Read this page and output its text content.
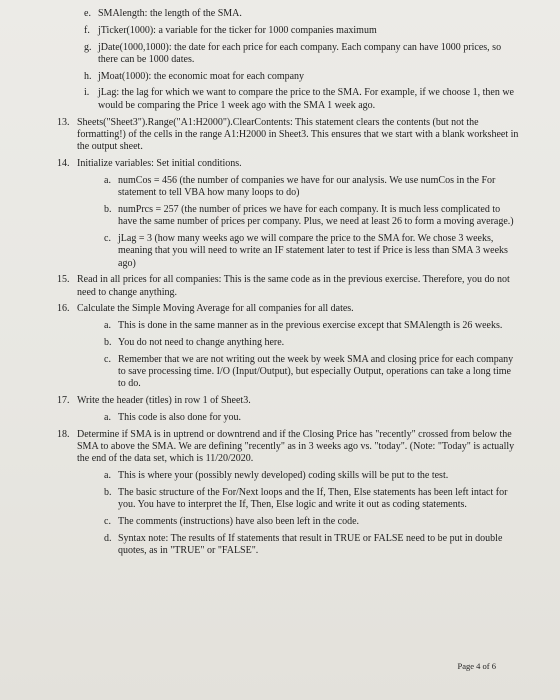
e. SMAlength: the length of the SMA.
f. jTicker(1000): a variable for the ticker for 1000 companies maximum
g. jDate(1000,1000): the date for each price for each company. Each company can have 1000 prices, so there can be 1000 dates.
h. jMoat(1000): the economic moat for each company
i. jLag: the lag for which we want to compare the price to the SMA. For example, if we choose 1, then we would be comparing the Price 1 week ago with the SMA 1 week ago.
13. Sheets("Sheet3").Range("A1:H2000").ClearContents: This statement clears the contents (but not the formatting!) of the cells in the range A1:H2000 in Sheet3. This ensures that we start with a blank worksheet in the output sheet.
14. Initialize variables: Set initial conditions.
a. numCos = 456 (the number of companies we have for our analysis. We use numCos in the For statement to tell VBA how many loops to do)
b. numPrcs = 257 (the number of prices we have for each company. It is much less complicated to have the same number of prices per company. Plus, we need at least 26 to form a moving average.)
c. jLag = 3 (how many weeks ago we will compare the price to the SMA for. We chose 3 weeks, meaning that you will need to write an IF statement later to test if Price is less than SMA 3 weeks ago)
15. Read in all prices for all companies: This is the same code as in the previous exercise. Therefore, you do not need to change anything.
16. Calculate the Simple Moving Average for all companies for all dates.
a. This is done in the same manner as in the previous exercise except that SMAlength is 26 weeks.
b. You do not need to change anything here.
c. Remember that we are not writing out the week by week SMA and closing price for each company to save processing time. I/O (Input/Output), but especially Output, operations can take a long time to do.
17. Write the header (titles) in row 1 of Sheet3.
a. This code is also done for you.
18. Determine if SMA is in uptrend or downtrend and if the Closing Price has "recently" crossed from below the SMA to above the SMA. We are defining "recently" as in 3 weeks ago vs. "today". (Note: "Today" is actually the end of the data set, which is 11/20/2020.
a. This is where your (possibly newly developed) coding skills will be put to the test.
b. The basic structure of the For/Next loops and the If, Then, Else statements has been left intact for you. You have to interpret the If, Then, Else logic and write it out as coding statements.
c. The comments (instructions) have also been left in the code.
d. Syntax note: The results of If statements that result in TRUE or FALSE need to be put in double quotes, as in "TRUE" or "FALSE".
Page 4 of 6
